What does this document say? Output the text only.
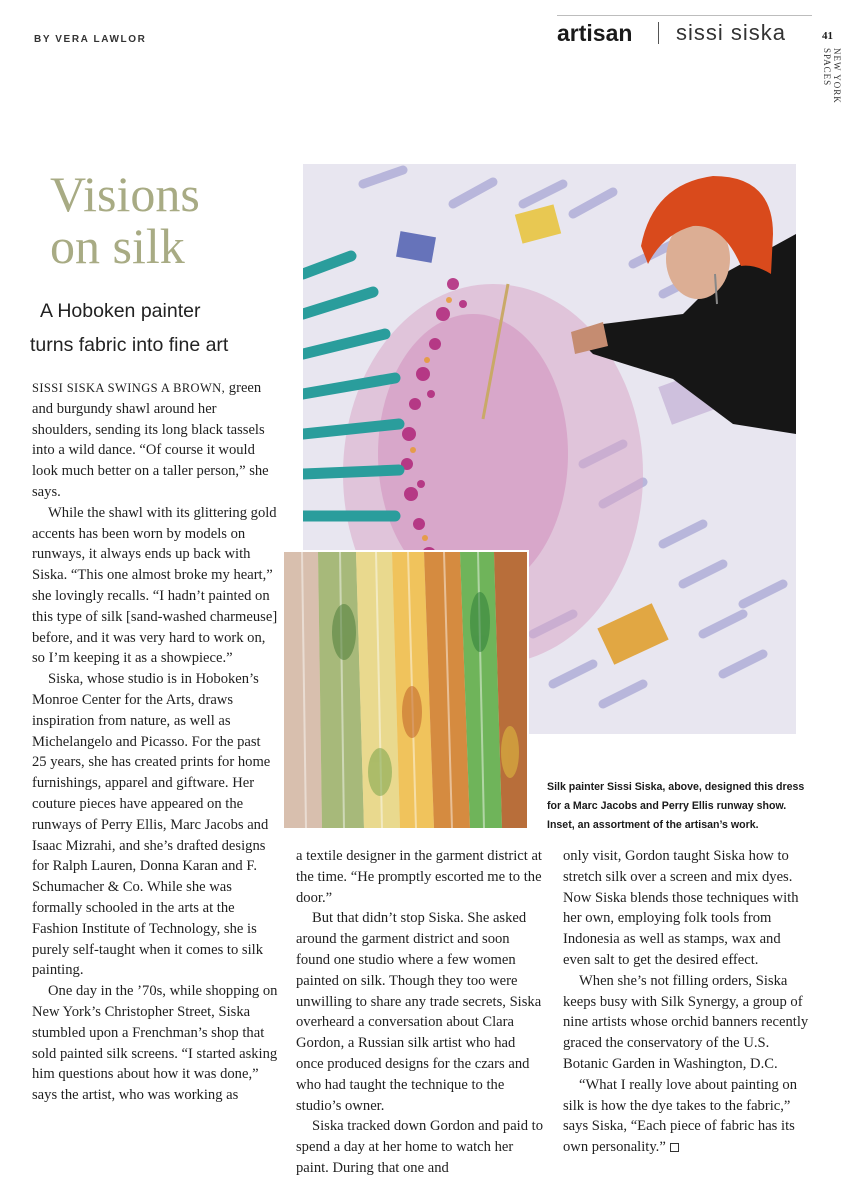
BY VERA LAWLOR	artisan sissi siska	41
NEW YORK SPACES
Visions
on silk
A Hoboken painter
turns fabric into fine art

SISSI SISKA SWINGS A BROWN, green and burgundy shawl around her shoulders, sending its long black tassels into a wild dance. “Of course it would look much better on a taller person,” she says.

While the shawl with its glittering gold accents has been worn by models on runways, it always ends up back with Siska. “This one almost broke my heart,” she lovingly recalls. “I hadn’t painted on this type of silk [sand-washed charmeuse] before, and it was very hard to work on, so I’m keeping it as a showpiece.”

Siska, whose studio is in Hoboken’s Monroe Center for the Arts, draws inspiration from nature, as well as Michelangelo and Picasso. For the past 25 years, she has created prints for home furnishings, apparel and giftware. Her couture pieces have appeared on the runways of Perry Ellis, Marc Jacobs and Isaac Mizrahi, and she’s drafted designs for Ralph Lauren, Donna Karan and F. Schumacher & Co. While she was formally schooled in the arts at the Fashion Institute of Technology, she is purely self-taught when it comes to silk painting.

One day in the ’70s, while shopping on New York’s Christopher Street, Siska stumbled upon a Frenchman’s shop that sold painted silk screens. “I started asking him questions about how it was done,” says the artist, who was working as

Silk painter Sissi Siska, above, designed this dress for a Marc Jacobs and Perry Ellis runway show. Inset, an assortment of the artisan’s work.

a textile designer in the garment district at the time. “He promptly escorted me to the door.”

But that didn’t stop Siska. She asked around the garment district and soon found one studio where a few women painted on silk. Though they too were unwilling to share any trade secrets, Siska overheard a conversation about Clara Gordon, a Russian silk artist who had once produced designs for the czars and who had taught the technique to the studio’s owner.

Siska tracked down Gordon and paid to spend a day at her home to watch her paint. During that one and

only visit, Gordon taught Siska how to stretch silk over a screen and mix dyes. Now Siska blends those techniques with her own, employing folk tools from Indonesia as well as stamps, wax and even salt to get the desired effect.

When she’s not filling orders, Siska keeps busy with Silk Synergy, a group of nine artists whose orchid banners recently graced the conservatory of the U.S. Botanic Garden in Washington, D.C.

“What I really love about painting on silk is how the dye takes to the fabric,” says Siska, “Each piece of fabric has its own personality.”
